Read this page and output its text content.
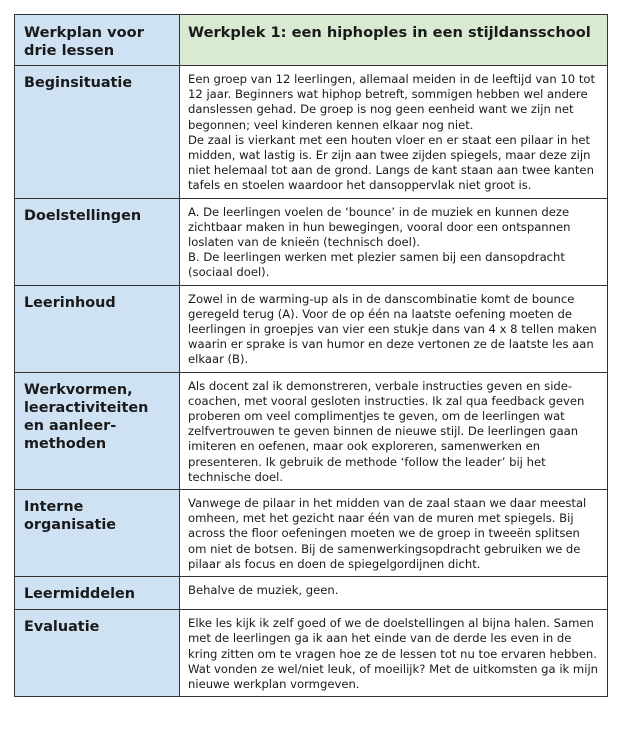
Werkplan voor drie lessen	Werkplek 1: een hiphoples in een stijldansschool
Beginsituatie	Een groep van 12 leerlingen, allemaal meiden in de leeftijd van 10 tot 12 jaar. Beginners wat hiphop betreft, sommigen hebben wel andere danslessen gehad. De groep is nog geen eenheid want we zijn net begonnen; veel kinderen kennen elkaar nog niet.
De zaal is vierkant met een houten vloer en er staat een pilaar in het midden, wat lastig is. Er zijn aan twee zijden spiegels, maar deze zijn niet helemaal tot aan de grond. Langs de kant staan aan twee kanten tafels en stoelen waardoor het dansoppervlak niet groot is.

Doelstellingen	A. De leerlingen voelen de ‘bounce’ in de muziek en kunnen deze zichtbaar maken in hun bewegingen, vooral door een ontspannen loslaten van de knieën (technisch doel).
B. De leerlingen werken met plezier samen bij een dansopdracht (sociaal doel).

Leerinhoud	Zowel in de warming-up als in de danscombinatie komt de bounce geregeld terug (A). Voor de op één na laatste oefening moeten de leerlingen in groepjes van vier een stukje dans van 4 x 8 tellen maken waarin er sprake is van humor en deze vertonen ze de laatste les aan elkaar (B).

Werkvormen, leeractiviteiten en aanleer-methoden	Als docent zal ik demonstreren, verbale instructies geven en side-coachen, met vooral gesloten instructies. Ik zal qua feedback geven proberen om veel complimentjes te geven, om de leerlingen wat zelfvertrouwen te geven binnen de nieuwe stijl. De leerlingen gaan imiteren en oefenen, maar ook exploreren, samenwerken en presenteren. Ik gebruik de methode ‘follow the leader’ bij het technische doel.

Interne organisatie	Vanwege de pilaar in het midden van de zaal staan we daar meestal omheen, met het gezicht naar één van de muren met spiegels. Bij across the floor oefeningen moeten we de groep in tweeën splitsen om niet de botsen. Bij de samenwerkingsopdracht gebruiken we de pilaar als focus en doen de spiegelgordijnen dicht.

Leermiddelen	Behalve de muziek, geen.

Evaluatie	Elke les kijk ik zelf goed of we de doelstellingen al bijna halen. Samen met de leerlingen ga ik aan het einde van de derde les even in de kring zitten om te vragen hoe ze de lessen tot nu toe ervaren hebben. Wat vonden ze wel/niet leuk, of moeilijk? Met de uitkomsten ga ik mijn nieuwe werkplan vormgeven.
